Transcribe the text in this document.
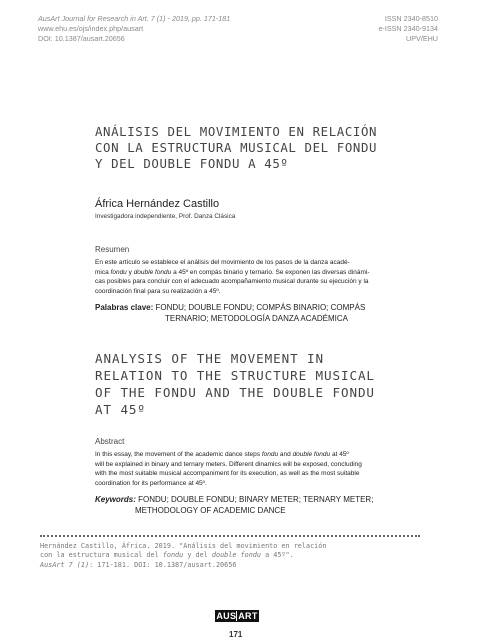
AusArt Journal for Research in Art. 7 (1) - 2019, pp. 171-181
www.ehu.es/ojs/index.php/ausart
DOI: 10.1387/ausart.20656
ISSN 2340-8510
e-ISSN 2340-9134
UPV/EHU
ANÁLISIS DEL MOVIMIENTO EN RELACIÓN
CON LA ESTRUCTURA MUSICAL DEL FONDU
Y DEL DOUBLE FONDU A 45º
África Hernández Castillo
Investigadora independiente, Prof. Danza Clásica
Resumen
En este artículo se establece el análisis del movimiento de los pasos de la danza acadé-
mica fondu y double fondu a 45º en compás binario y ternario. Se exponen las diversas dinámi-
cas posibles para concluir con el adecuado acompañamiento musical durante su ejecución y la
coordinación final para su realización a 45º.
Palabras clave: FONDU; DOUBLE FONDU; COMPÁS BINARIO; COMPÁS
TERNARIO; METODOLOGÍA DANZA ACADÉMICA
ANALYSIS OF THE MOVEMENT IN
RELATION TO THE STRUCTURE MUSICAL
OF THE FONDU AND THE DOUBLE FONDU
AT 45º
Abstract
In this essay, the movement of the academic dance steps fondu and double fondu at 45º
will be explained in binary and ternary meters. Different dinamics will be exposed, concluding
with the most suitable musical accompaniment for its execution, as well as the most suitable
coordination for its performance at 45º.
Keywords: FONDU; DOUBLE FONDU; BINARY METER; TERNARY METER;
METHODOLOGY OF ACADEMIC DANCE
Hernández Castillo, África. 2019. "Análisis del movimiento en relación
con la estructura musical del fondu y del double fondu a 45º".
AusArt 7 (1): 171-181. DOI: 10.1387/ausart.20656
AUS ART
171
